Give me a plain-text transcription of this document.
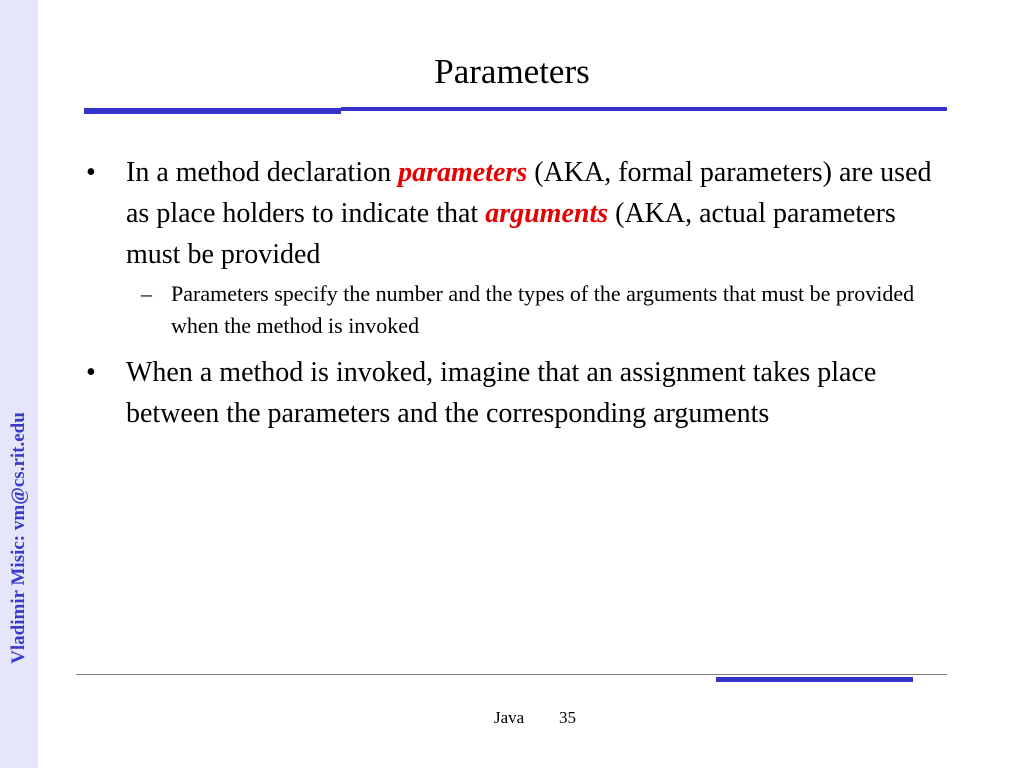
Vladimir Misic: vm@cs.rit.edu
Parameters
• In a method declaration parameters (AKA, formal parameters) are used as place holders to indicate that arguments (AKA, actual parameters must be provided
– Parameters specify the number and the types of the arguments that must be provided when the method is invoked
• When a method is invoked, imagine that an assignment takes place between the parameters and the corresponding arguments
Java 35
